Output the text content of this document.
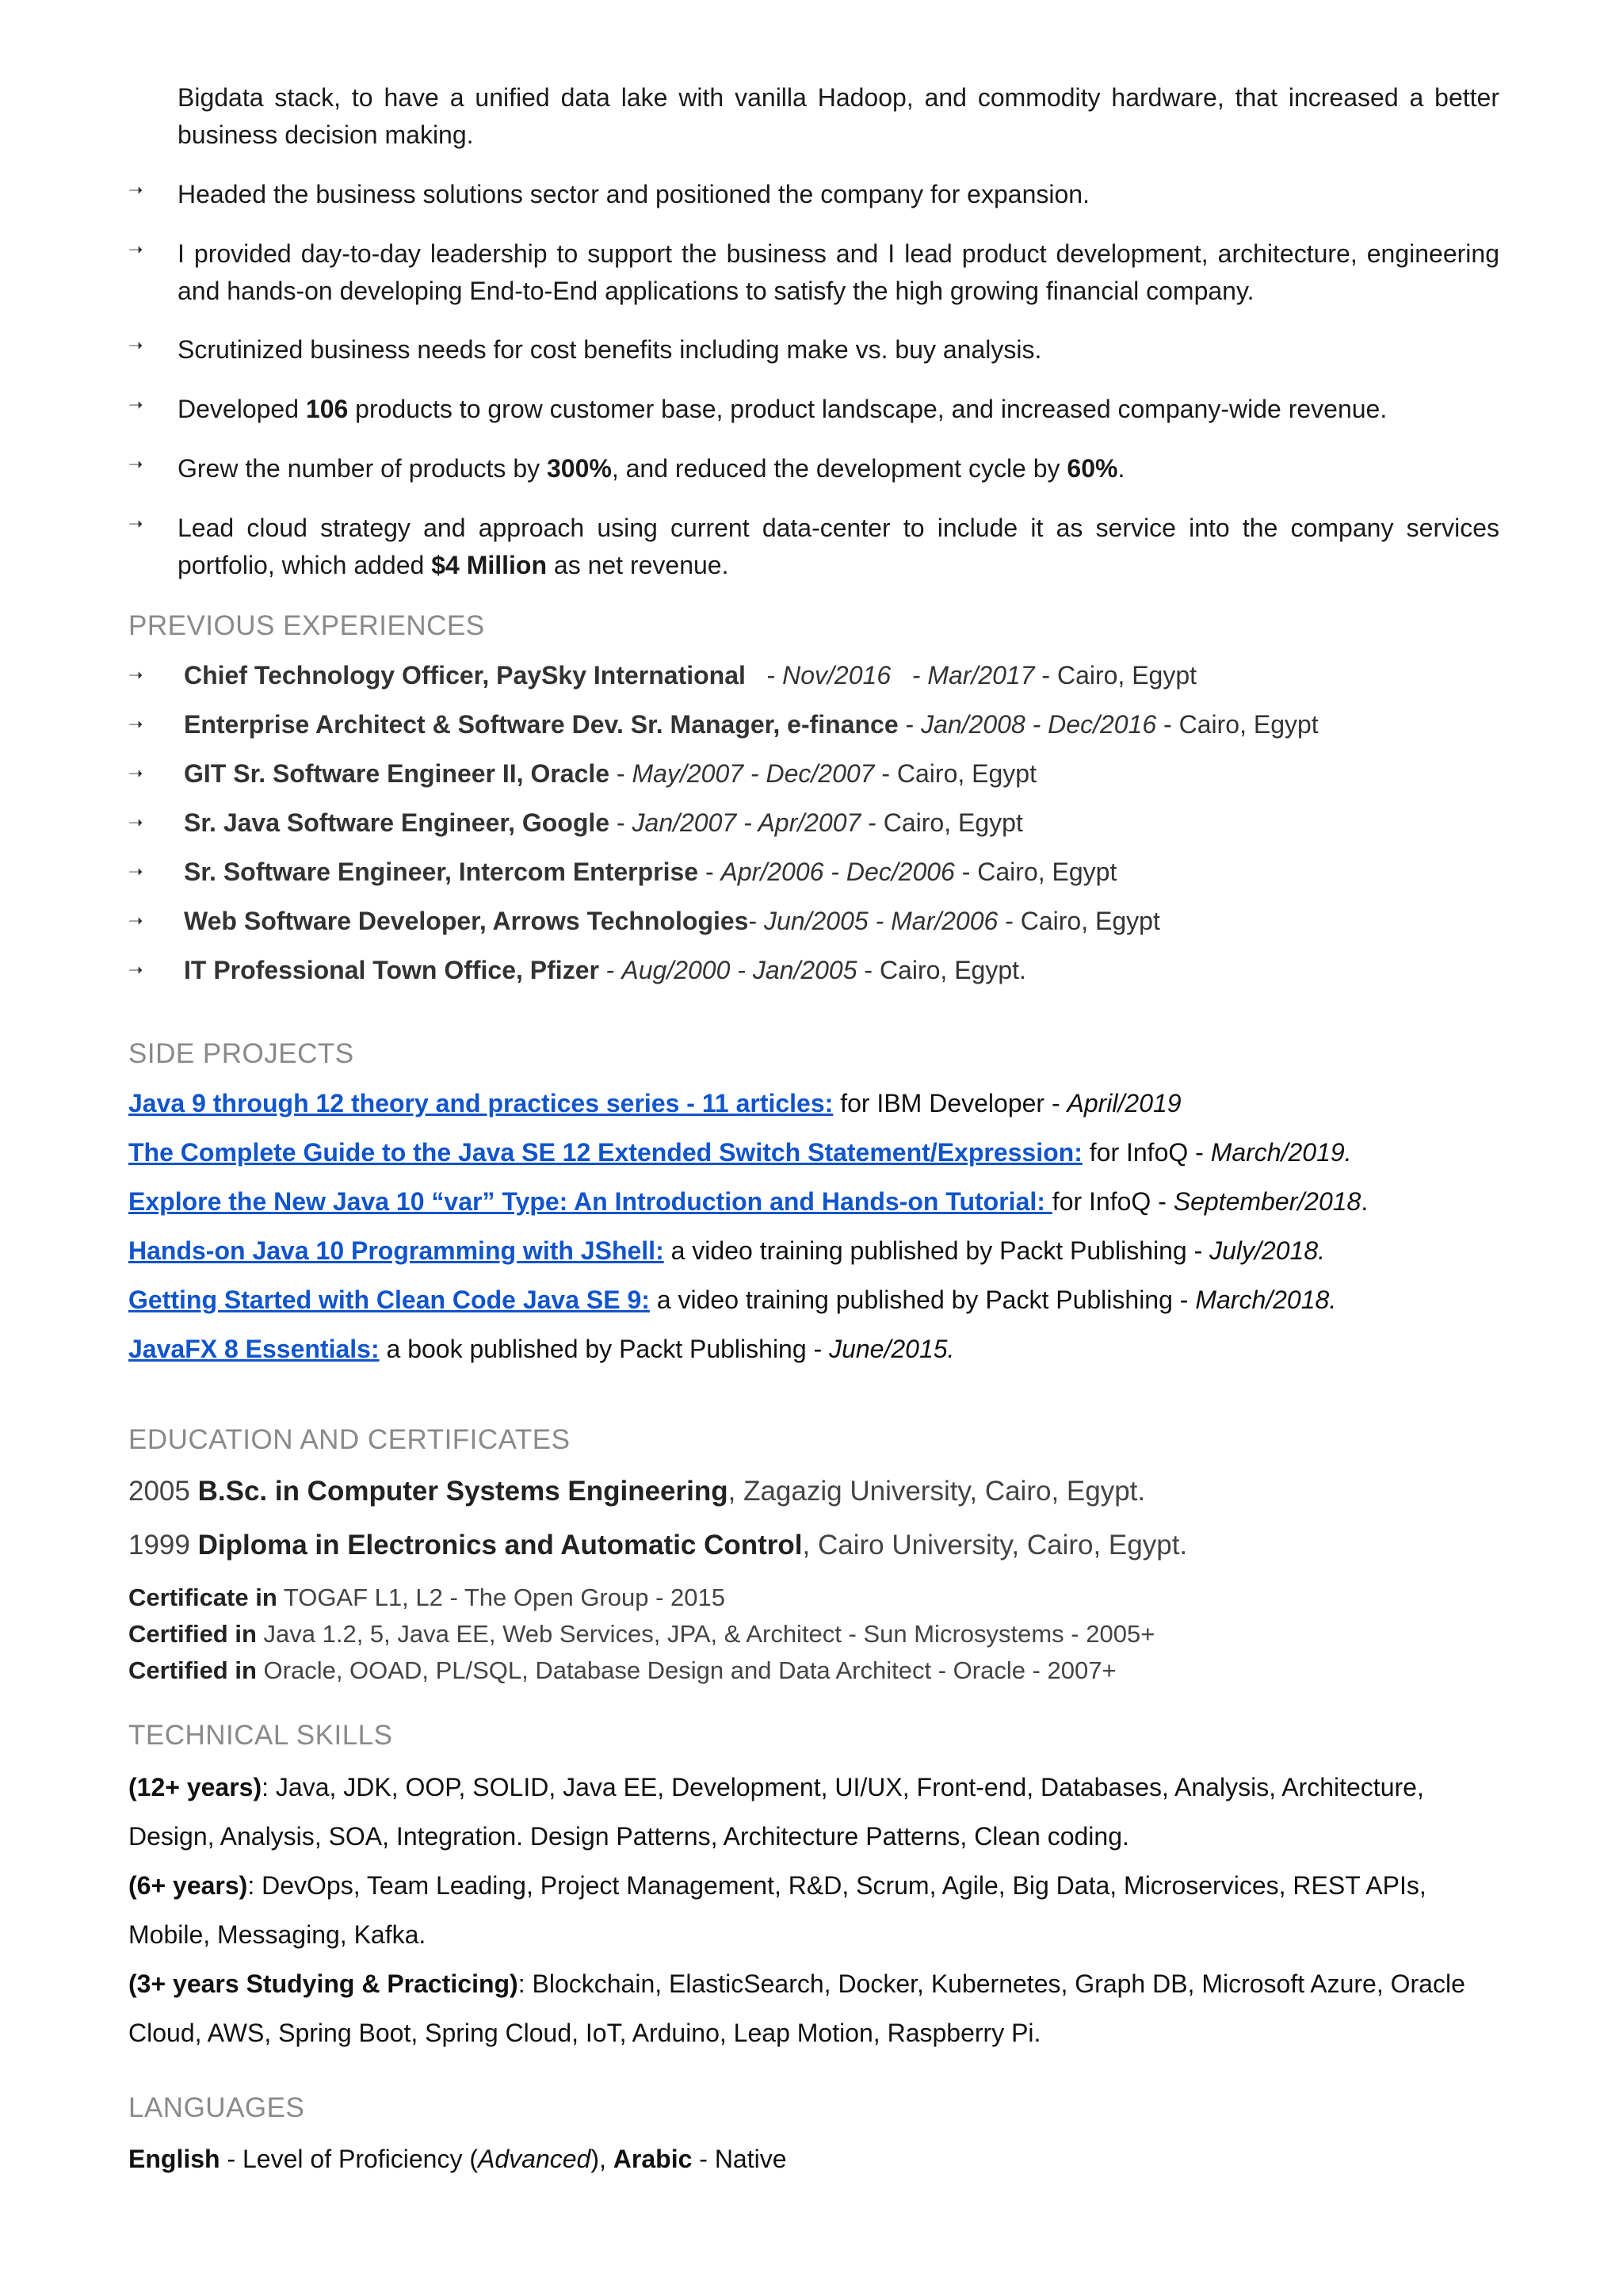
Bigdata stack, to have a unified data lake with vanilla Hadoop, and commodity hardware, that increased a better business decision making.
➝ Headed the business solutions sector and positioned the company for expansion.
➝ I provided day-to-day leadership to support the business and I lead product development, architecture, engineering and hands-on developing End-to-End applications to satisfy the high growing financial company.
➝ Scrutinized business needs for cost benefits including make vs. buy analysis.
➝ Developed 106 products to grow customer base, product landscape, and increased company-wide revenue.
➝ Grew the number of products by 300%, and reduced the development cycle by 60%.
➝ Lead cloud strategy and approach using current data-center to include it as service into the company services portfolio, which added $4 Million as net revenue.
PREVIOUS EXPERIENCES
➝ Chief Technology Officer, PaySky International   - Nov/2016   - Mar/2017 - Cairo, Egypt
➝ Enterprise Architect & Software Dev. Sr. Manager, e-finance - Jan/2008 - Dec/2016 - Cairo, Egypt
➝ GIT Sr. Software Engineer II, Oracle - May/2007 - Dec/2007 - Cairo, Egypt
➝ Sr. Java Software Engineer, Google - Jan/2007 - Apr/2007 - Cairo, Egypt
➝ Sr. Software Engineer, Intercom Enterprise - Apr/2006 - Dec/2006 - Cairo, Egypt
➝ Web Software Developer, Arrows Technologies- Jun/2005 - Mar/2006 - Cairo, Egypt
➝ IT Professional Town Office, Pfizer - Aug/2000 - Jan/2005 - Cairo, Egypt.
SIDE PROJECTS
Java 9 through 12 theory and practices series - 11 articles: for IBM Developer - April/2019
The Complete Guide to the Java SE 12 Extended Switch Statement/Expression: for InfoQ - March/2019.
Explore the New Java 10 “var” Type: An Introduction and Hands-on Tutorial: for InfoQ - September/2018.
Hands-on Java 10 Programming with JShell: a video training published by Packt Publishing - July/2018.
Getting Started with Clean Code Java SE 9: a video training published by Packt Publishing - March/2018.
JavaFX 8 Essentials: a book published by Packt Publishing - June/2015.
EDUCATION AND CERTIFICATES
2005 B.Sc. in Computer Systems Engineering, Zagazig University, Cairo, Egypt.
1999 Diploma in Electronics and Automatic Control, Cairo University, Cairo, Egypt.
Certificate in TOGAF L1, L2 - The Open Group - 2015
Certified in Java 1.2, 5, Java EE, Web Services, JPA, & Architect - Sun Microsystems - 2005+
Certified in Oracle, OOAD, PL/SQL, Database Design and Data Architect - Oracle - 2007+
TECHNICAL SKILLS
(12+ years): Java, JDK, OOP, SOLID, Java EE, Development, UI/UX, Front-end, Databases, Analysis, Architecture, Design, Analysis, SOA, Integration. Design Patterns, Architecture Patterns, Clean coding.
(6+ years): DevOps, Team Leading, Project Management, R&D, Scrum, Agile, Big Data, Microservices, REST APIs, Mobile, Messaging, Kafka.
(3+ years Studying & Practicing): Blockchain, ElasticSearch, Docker, Kubernetes, Graph DB, Microsoft Azure, Oracle Cloud, AWS, Spring Boot, Spring Cloud, IoT, Arduino, Leap Motion, Raspberry Pi.
LANGUAGES
English - Level of Proficiency (Advanced), Arabic - Native
